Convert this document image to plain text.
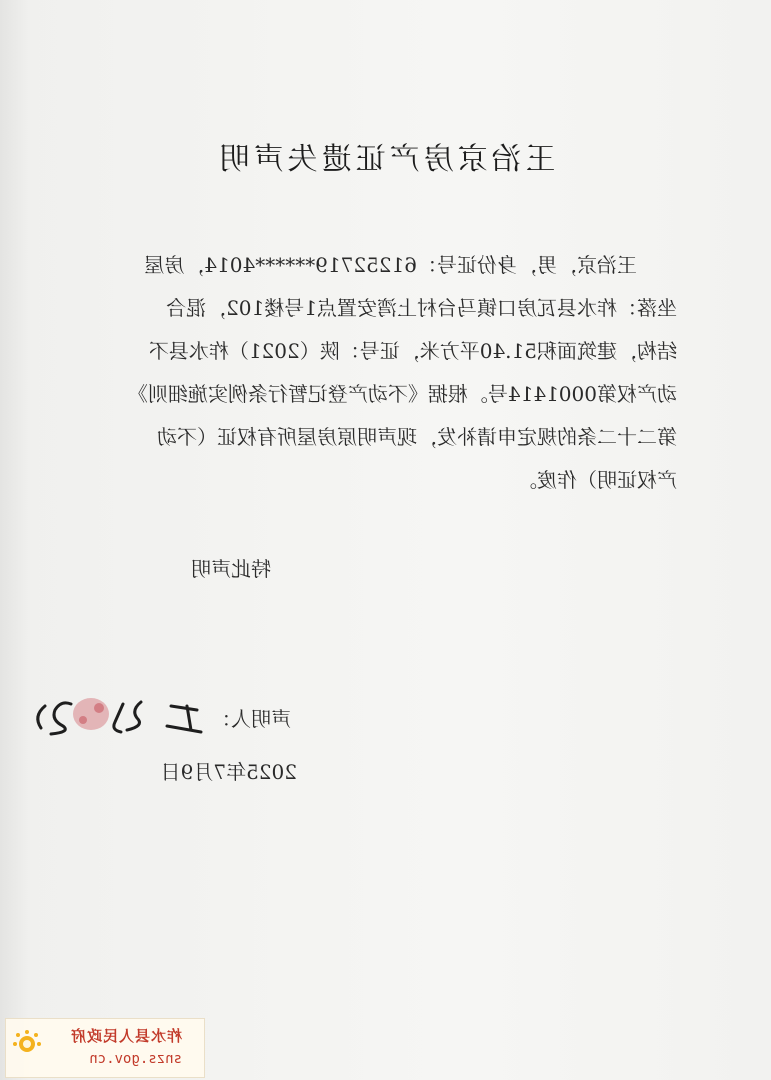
王治京房产证遗失声明
王治京，男，身份证号：61252719******4014，房屋
坐落：柞水县瓦房口镇马台村上湾安置点1号楼102，混合
结构，建筑面积51.40平方米，证号：陕（2021）柞水县不
动产权第0001414号。根据《不动产登记暂行条例实施细则》
第二十二条的规定申请补发，现声明原房屋所有权证（不动
产权证明）作废。
特此声明
声明人：
2025年7月9日
柞水县人民政府
snzs.gov.cn
